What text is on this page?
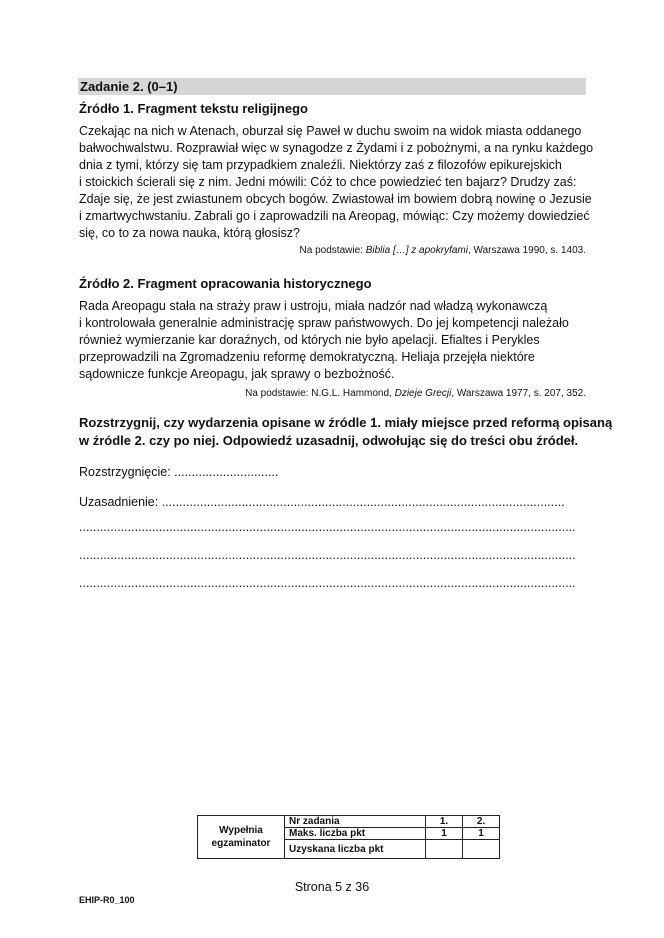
Zadanie 2. (0–1)
Źródło 1. Fragment tekstu religijnego
Czekając na nich w Atenach, oburzał się Paweł w duchu swoim na widok miasta oddanego
bałwochwalstwu. Rozprawiał więc w synagodze z Żydami i z pobożnymi, a na rynku każdego
dnia z tymi, którzy się tam przypadkiem znaleźli. Niektórzy zaś z filozofów epikurejskich
i stoickich ścierali się z nim. Jedni mówili: Cóż to chce powiedzieć ten bajarz? Drudzy zaś:
Zdaje się, że jest zwiastunem obcych bogów. Zwiastował im bowiem dobrą nowinę o Jezusie
i zmartwychwstaniu. Zabrali go i zaprowadzili na Areopag, mówiąc: Czy możemy dowiedzieć
się, co to za nowa nauka, którą głosisz?
Na podstawie: Biblia […] z apokryfami, Warszawa 1990, s. 1403.
Źródło 2. Fragment opracowania historycznego
Rada Areopagu stała na straży praw i ustroju, miała nadzór nad władzą wykonawczą
i kontrolowała generalnie administrację spraw państwowych. Do jej kompetencji należało
również wymierzanie kar doraźnych, od których nie było apelacji. Efialtes i Perykles
przeprowadzili na Zgromadzeniu reformę demokratyczną. Heliaja przejęła niektóre
sądownicze funkcje Areopagu, jak sprawy o bezbożność.
Na podstawie: N.G.L. Hammond, Dzieje Grecji, Warszawa 1977, s. 207, 352.
Rozstrzygnij, czy wydarzenia opisane w źródle 1. miały miejsce przed reformą opisaną
w źródle 2. czy po niej. Odpowiedź uzasadnij, odwołując się do treści obu źródeł.
Rozstrzygnięcie: ..............................
Uzasadnienie: ....................................................................................................................
...............................................................................................................................................
...............................................................................................................................................
...............................................................................................................................................
Wypełnia
egzaminator	Nr zadania	1.	2.
	Maks. liczba pkt	1	1
	Uzyskana liczba pkt		
Strona 5 z 36
EHIP-R0_100
